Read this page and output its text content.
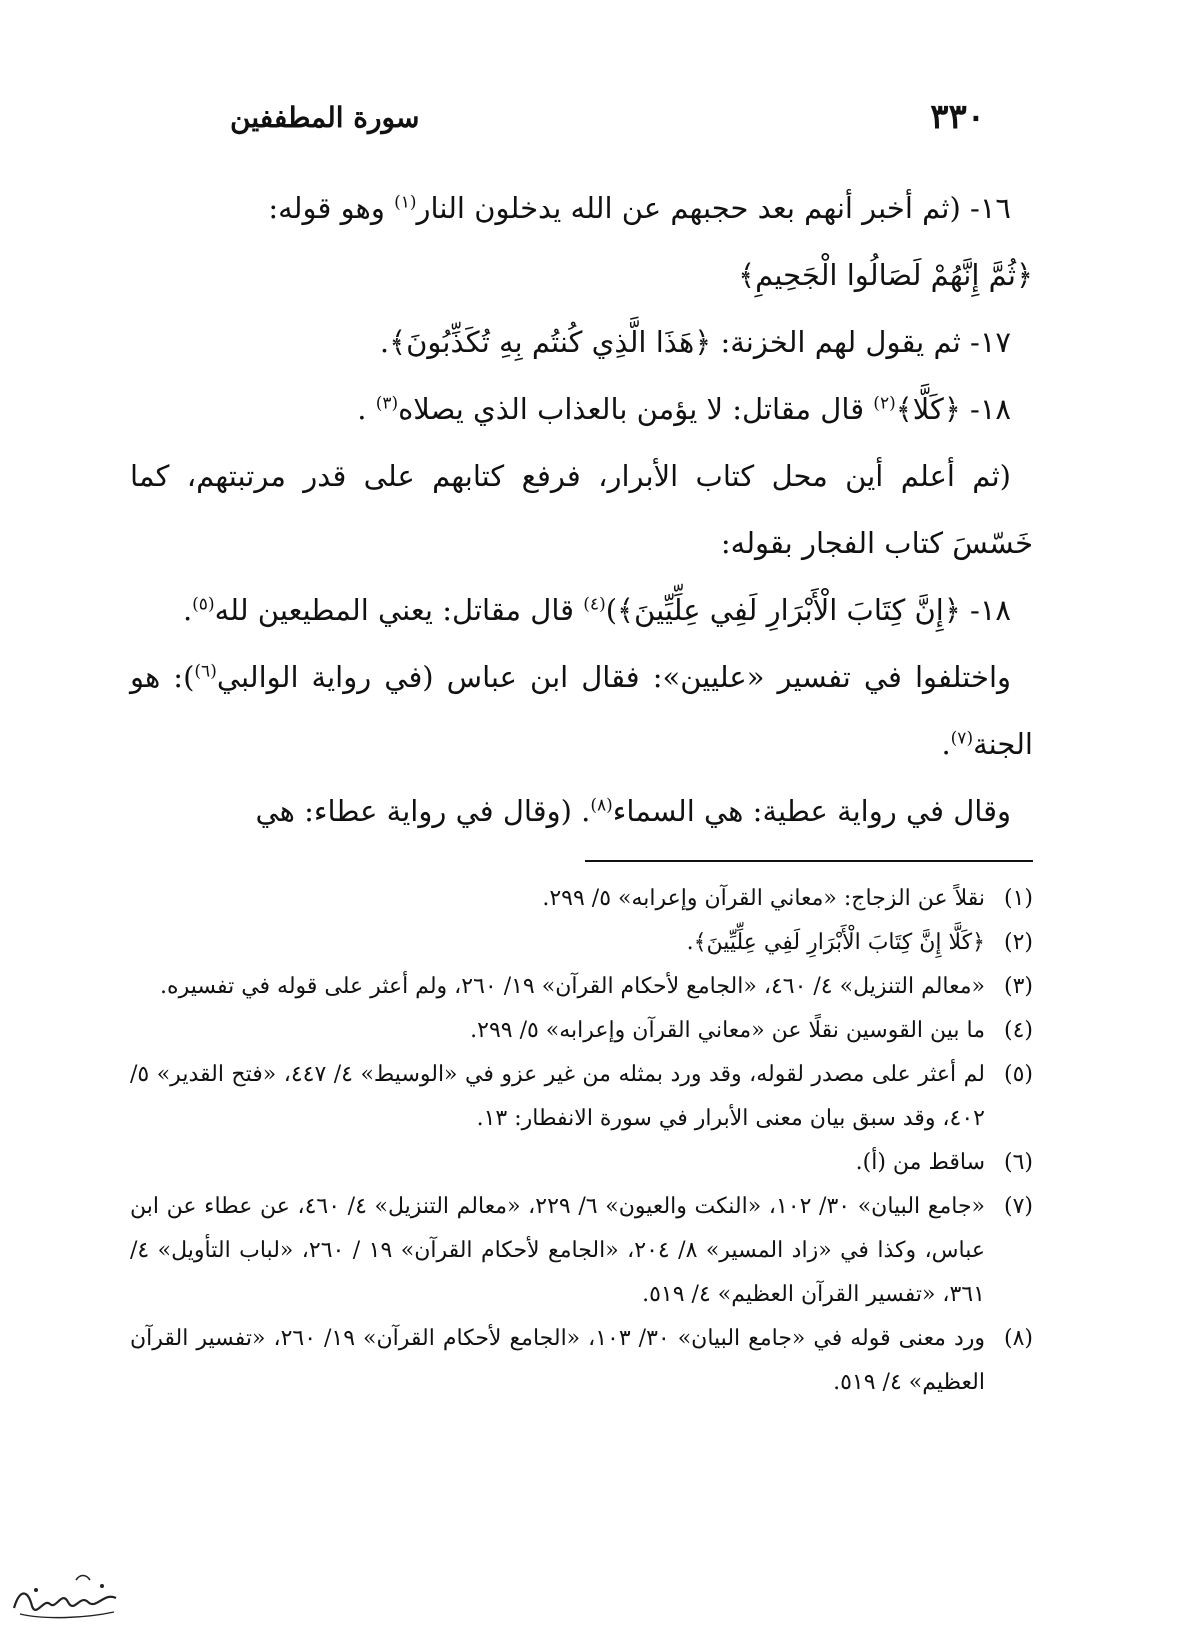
٣٣٠
سورة المطففين

١٦- (ثم أخبر أنهم بعد حجبهم عن الله يدخلون النار$^{(١)}$ وهو قوله:

﴿ثُمَّ إِنَّهُمْ لَصَالُوا الْجَحِيمِ﴾

١٧- ثم يقول لهم الخزنة: ﴿هَذَا الَّذِي كُنتُم بِهِ تُكَذِّبُونَ﴾.

١٨- ﴿كَلَّا﴾$^{(٢)}$ قال مقاتل: لا يؤمن بالعذاب الذي يصلاه$^{(٣)}$ .

(ثم أعلم أين محل كتاب الأبرار، فرفع كتابهم على قدر مرتبتهم، كما خَسّسَ كتاب الفجار بقوله:

١٨- ﴿إِنَّ كِتَابَ الْأَبْرَارِ لَفِي عِلِّيِّينَ﴾)$^{(٤)}$ قال مقاتل: يعني المطيعين لله$^{(٥)}$.

واختلفوا في تفسير «عليين»: فقال ابن عباس (في رواية الوالبي$^{(٦)}$): هو الجنة$^{(٧)}$.

وقال في رواية عطية: هي السماء$^{(٨)}$. (وقال في رواية عطاء: هي

(١)
نقلاً عن الزجاج: «معاني القرآن وإعرابه» ٥/ ٢٩٩.
(٢)
﴿كَلَّا إِنَّ كِتَابَ الْأَبْرَارِ لَفِي عِلِّيِّينَ﴾.
(٣)
«معالم التنزيل» ٤/ ٤٦٠، «الجامع لأحكام القرآن» ١٩/ ٢٦٠، ولم أعثر على قوله في تفسيره.
(٤)
ما بين القوسين نقلًا عن «معاني القرآن وإعرابه» ٥/ ٢٩٩.
(٥)
لم أعثر على مصدر لقوله، وقد ورد بمثله من غير عزو في «الوسيط» ٤/ ٤٤٧، «فتح القدير» ٥/ ٤٠٢، وقد سبق بيان معنى الأبرار في سورة الانفطار: ١٣.
(٦)
ساقط من (أ).
(٧)
«جامع البيان» ٣٠/ ١٠٢، «النكت والعيون» ٦/ ٢٢٩، «معالم التنزيل» ٤/ ٤٦٠، عن عطاء عن ابن عباس، وكذا في «زاد المسير» ٨/ ٢٠٤، «الجامع لأحكام القرآن» ١٩ / ٢٦٠، «لباب التأويل» ٤/ ٣٦١، «تفسير القرآن العظيم» ٤/ ٥١٩.
(٨)
ورد معنى قوله في «جامع البيان» ٣٠/ ١٠٣، «الجامع لأحكام القرآن» ١٩/ ٢٦٠، «تفسير القرآن العظيم» ٤/ ٥١٩.
